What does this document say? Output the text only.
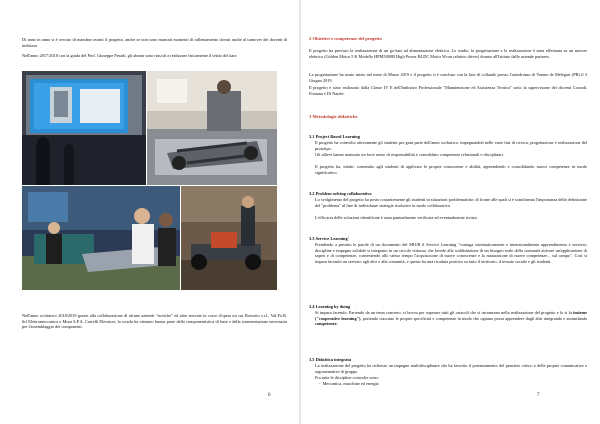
Di anno in anno si è cercato di mandare avanti il progetto, anche se non sono mancati momenti di rallentamento dovuti anche al turnover dei docenti di indirizzo.

Nell'anno 2017/2018 con la guida del Prof. Giuseppe Pesadi, gli alunni sono riusciti a realizzare fisicamente il telaio del kart:

Nell'anno scolastico 2018/2019 grazie alla collaborazione di alcune aziende "storiche" ed altre arrivate in corso d'opera tra cui Borsotto s.r.l., Val.Fo.B. Srl Elettromeccanica e Mora S.P.A. Carrelli Elevatori, la scuola ha ottenuto buona parte della componentistica di base e della strumentazione necessaria per l'assemblaggio dei componenti.

6
2 Obiettivi e competenze del progetto

Il progetto ha previsto la realizzazione di un go-kart ad alimentazione elettrica. Lo studio, la progettazione e la realizzazione è stata effettuata su un motore elettrico (Golden Motor 5 K Modello HPM5000B High Power BLDC Motor Wcon relativo driver) donato all'Istituto dalle aziende partners.

La progettazione ha avuto inizio nel mese di Marzo 2019 e il progetto si è concluso con la fase di collaudo presso l'autodromo di Varano de Melegari (PR) il 3 Giugno 2019.

Il progetto è stato realizzato dalla Classe IV E dell'Indirizzo Professionale "Manutenzione ed Assistenza Tecnica" sotto la supervisione dei docenti Corradi, Fontana e Di Natale.

3 Metodologie didattiche
3.1 Project Based Learning

Il progetto ha coinvolto attivamente gli studenti per gran parte dell'anno scolastico, impegnandoli nelle varie fasi di ricerca, progettazione e realizzazione del prototipo.

Gli allievi hanno maturato un forte senso di responsabilità e consolidato competenze relazionali e disciplinari.

Il progetto ha, infatti, consentito agli studenti di applicare le proprie conoscenze e abilità, apprendendo e consolidando nuove competenze in modo significativo.

3.2 Problem solving collaborativo

Lo svolgimento del progetto ha posto costantemente gli studenti in situazioni problematiche, di fronte alle quali si è sottolineata l'importanza della definizione del "problema" al fine di individuare strategie risolutive in modo collaborativo.

L'efficacia delle soluzioni identificate è stata puntualmente verificata ed eventualmente rivista.

3.3 Service Learning'

Prendendo a prestito le parole di un documento del MIUR il Service Learning "coniuga sistematicamente e intenzionalmente apprendimento e servizio; discipline e impegno solidale si integrano in un circolo virtuoso che lavede alla soddisfazione di un bisogno reale della comunità attivare un'applicazione di saperi e di competenze, consentendo allo stesso tempo l'acquisizione di nuove conoscenze e la maturazione di nuove competenze... sul campo". Così si impara facendo un servizio agli altri e alla comunità, e questo ha una ricaduta positiva su tutto il territorio, il tessuto sociale e gli studenti.

3.4 Learning by doing

Si impara facendo. Partendo da un tema concreto, si lavora per superare tutti gli ostacoli che si incontrano nella realizzazione del progetto e lo si fa insieme ("cooperative learning"), portando ciascuno le proprie specificità e competenze in modo che ognuno possa apprendere dagli altri integrando e assimilando competenze.

3.5 Didattica integrata

La realizzazione del progetto ha richiesto un impegno multidisciplinare che ha favorito il potenziamento del pensiero critico e delle proprie comunicative e argomentative di gruppo.

Fra tutte le discipline coinvolte sono:

-  Meccanica, macchine ed energia

7
